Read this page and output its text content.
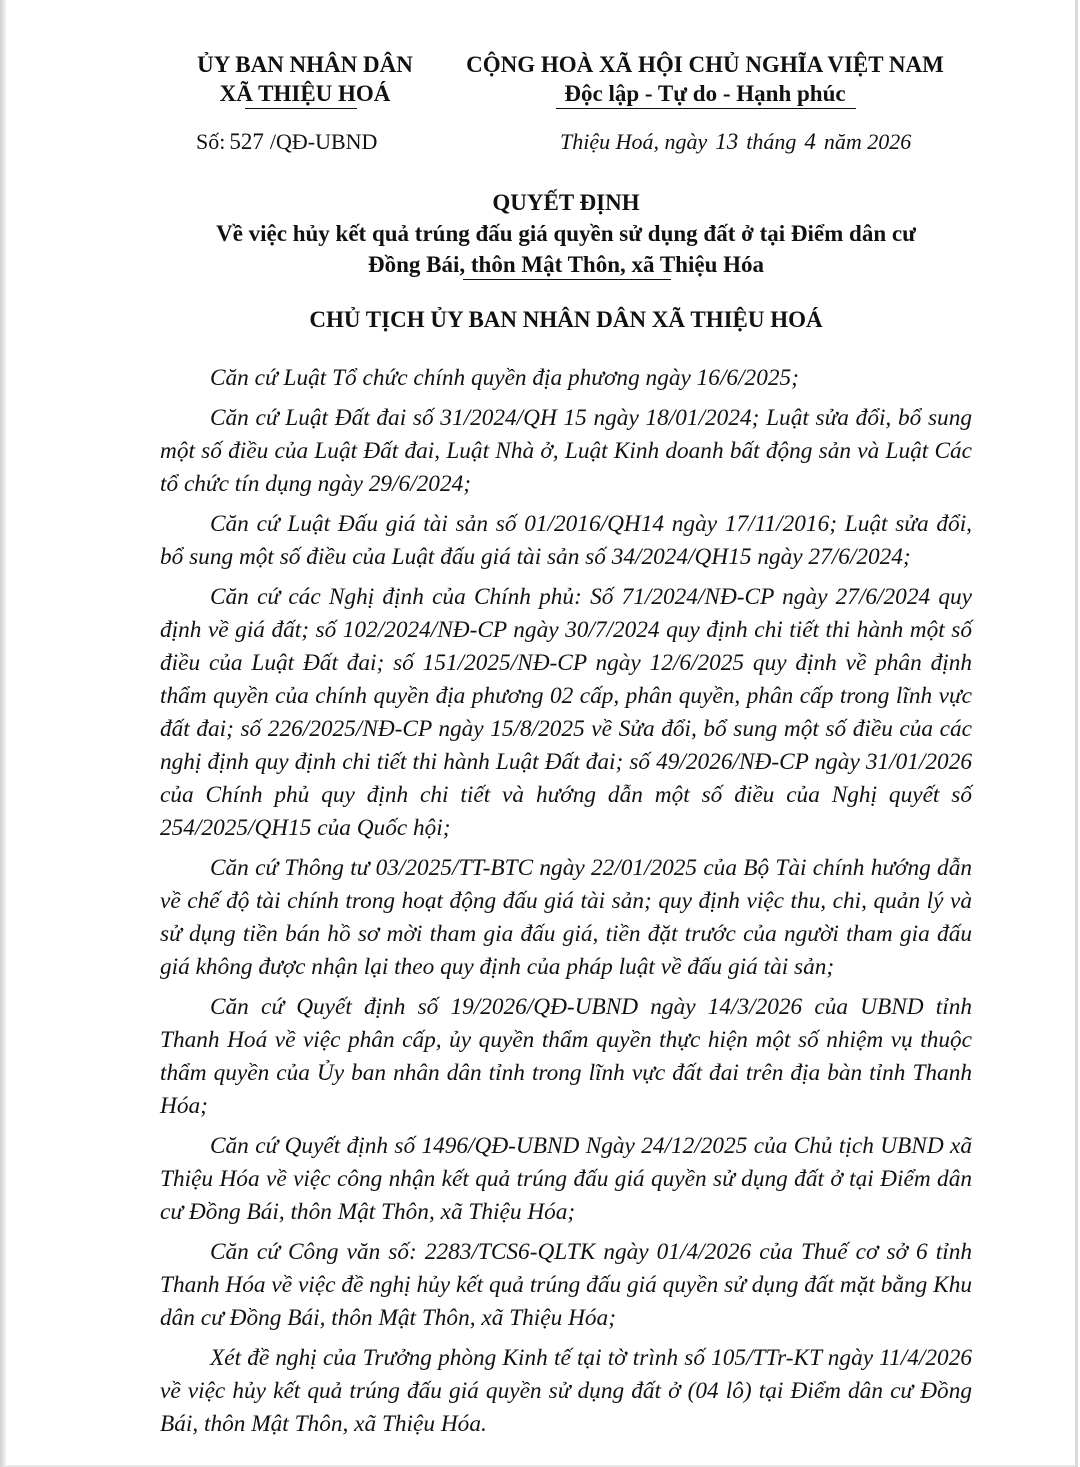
ỦY BAN NHÂN DÂN
XÃ THIỆU HOÁ
CỘNG HOÀ XÃ HỘI CHỦ NGHĨA VIỆT NAM
Độc lập - Tự do - Hạnh phúc
Số: 527 /QĐ-UBND	Thiệu Hoá, ngày 13 tháng 4 năm 2026
QUYẾT ĐỊNH
Về việc hủy kết quả trúng đấu giá quyền sử dụng đất ở tại Điểm dân cư
Đồng Bái, thôn Mật Thôn, xã Thiệu Hóa
CHỦ TỊCH ỦY BAN NHÂN DÂN XÃ THIỆU HOÁ

Căn cứ Luật Tổ chức chính quyền địa phương ngày 16/6/2025;

Căn cứ Luật Đất đai số 31/2024/QH 15 ngày 18/01/2024; Luật sửa đổi, bổ sung một số điều của Luật Đất đai, Luật Nhà ở, Luật Kinh doanh bất động sản và Luật Các tổ chức tín dụng ngày 29/6/2024;

Căn cứ Luật Đấu giá tài sản số 01/2016/QH14 ngày 17/11/2016; Luật sửa đổi, bổ sung một số điều của Luật đấu giá tài sản số 34/2024/QH15 ngày 27/6/2024;

Căn cứ các Nghị định của Chính phủ: Số 71/2024/NĐ-CP ngày 27/6/2024 quy định về giá đất; số 102/2024/NĐ-CP ngày 30/7/2024 quy định chi tiết thi hành một số điều của Luật Đất đai; số 151/2025/NĐ-CP ngày 12/6/2025 quy định về phân định thẩm quyền của chính quyền địa phương 02 cấp, phân quyền, phân cấp trong lĩnh vực đất đai; số 226/2025/NĐ-CP ngày 15/8/2025 về Sửa đổi, bổ sung một số điều của các nghị định quy định chi tiết thi hành Luật Đất đai; số 49/2026/NĐ-CP ngày 31/01/2026 của Chính phủ quy định chi tiết và hướng dẫn một số điều của Nghị quyết số 254/2025/QH15 của Quốc hội;

Căn cứ Thông tư 03/2025/TT-BTC ngày 22/01/2025 của Bộ Tài chính hướng dẫn về chế độ tài chính trong hoạt động đấu giá tài sản; quy định việc thu, chi, quản lý và sử dụng tiền bán hồ sơ mời tham gia đấu giá, tiền đặt trước của người tham gia đấu giá không được nhận lại theo quy định của pháp luật về đấu giá tài sản;

Căn cứ Quyết định số 19/2026/QĐ-UBND ngày 14/3/2026 của UBND tỉnh Thanh Hoá về việc phân cấp, ủy quyền thẩm quyền thực hiện một số nhiệm vụ thuộc thẩm quyền của Ủy ban nhân dân tỉnh trong lĩnh vực đất đai trên địa bàn tỉnh Thanh Hóa;

Căn cứ Quyết định số 1496/QĐ-UBND Ngày 24/12/2025 của Chủ tịch UBND xã Thiệu Hóa về việc công nhận kết quả trúng đấu giá quyền sử dụng đất ở tại Điểm dân cư Đồng Bái, thôn Mật Thôn, xã Thiệu Hóa;

Căn cứ Công văn số: 2283/TCS6-QLTK ngày 01/4/2026 của Thuế cơ sở 6 tỉnh Thanh Hóa về việc đề nghị hủy kết quả trúng đấu giá quyền sử dụng đất mặt bằng Khu dân cư Đồng Bái, thôn Mật Thôn, xã Thiệu Hóa;

Xét đề nghị của Trưởng phòng Kinh tế tại tờ trình số 105/TTr-KT ngày 11/4/2026 về việc hủy kết quả trúng đấu giá quyền sử dụng đất ở (04 lô) tại Điểm dân cư Đồng Bái, thôn Mật Thôn, xã Thiệu Hóa.
